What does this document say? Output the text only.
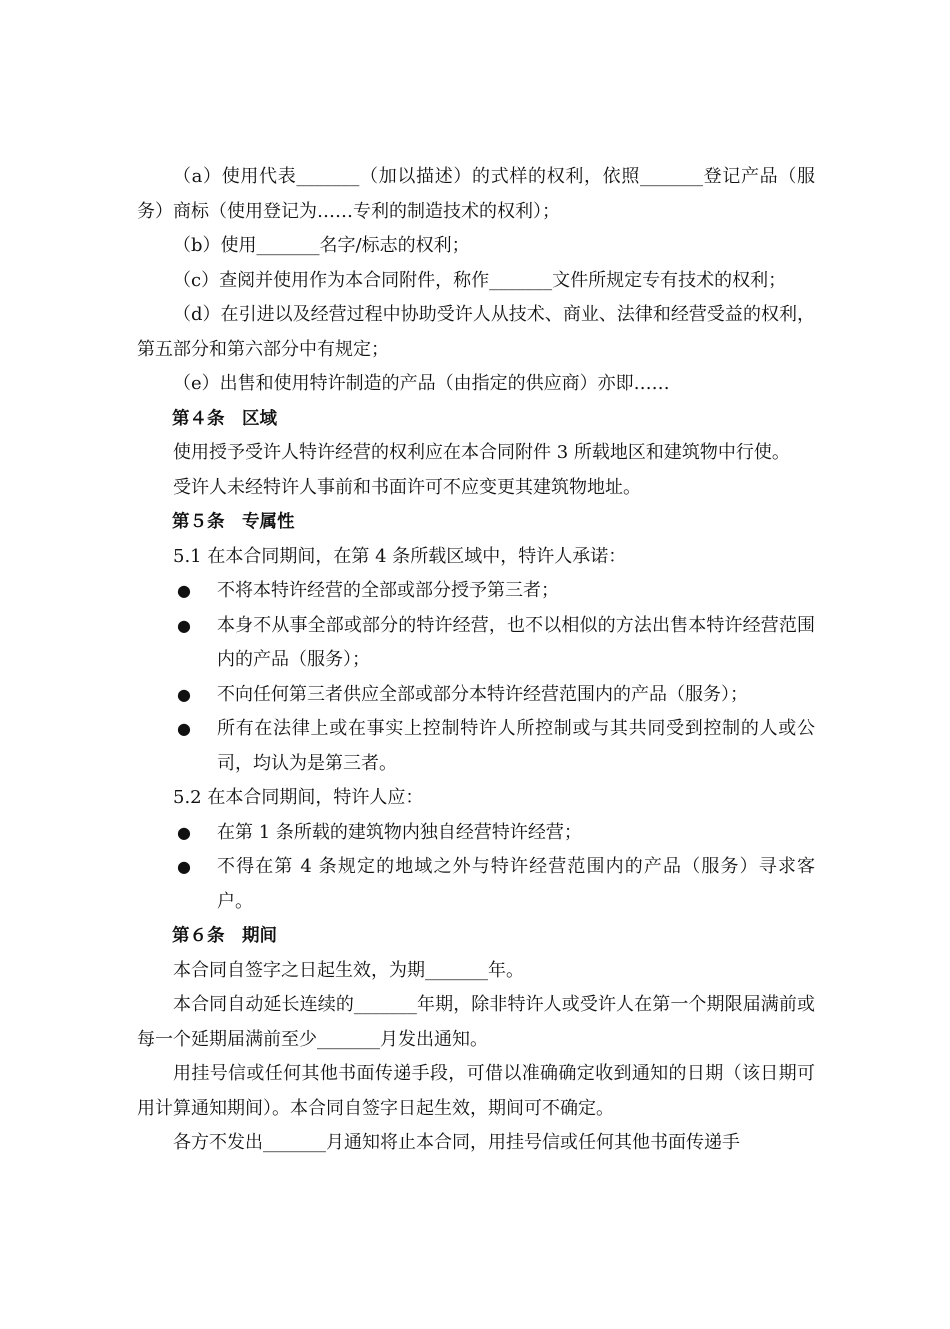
（a）使用代表_______（加以描述）的式样的权利，依照_______登记产品（服务）商标（使用登记为……专利的制造技术的权利）；

（b）使用_______名字/标志的权利；

（c）查阅并使用作为本合同附件，称作_______文件所规定专有技术的权利；

（d）在引进以及经营过程中协助受许人从技术、商业、法律和经营受益的权利，第五部分和第六部分中有规定；

（e）出售和使用特许制造的产品（由指定的供应商）亦即……

第４条　区域

使用授予受许人特许经营的权利应在本合同附件 3 所载地区和建筑物中行使。

受许人未经特许人事前和书面许可不应变更其建筑物地址。

第５条　专属性

5.1 在本合同期间，在第 4 条所载区域中，特许人承诺：

●	不将本特许经营的全部或部分授予第三者；
●	本身不从事全部或部分的特许经营，也不以相似的方法出售本特许经营范围内的产品（服务）；
●	不向任何第三者供应全部或部分本特许经营范围内的产品（服务）；
●	所有在法律上或在事实上控制特许人所控制或与其共同受到控制的人或公司，均认为是第三者。

5.2 在本合同期间，特许人应：

●	在第 1 条所载的建筑物内独自经营特许经营；
●	不得在第 4 条规定的地域之外与特许经营范围内的产品（服务）寻求客户。

第６条　期间

本合同自签字之日起生效，为期_______年。

本合同自动延长连续的_______年期，除非特许人或受许人在第一个期限届满前或每一个延期届满前至少_______月发出通知。

用挂号信或任何其他书面传递手段，可借以准确确定收到通知的日期（该日期可用计算通知期间）。本合同自签字日起生效，期间可不确定。

各方不发出_______月通知将止本合同，用挂号信或任何其他书面传递手
